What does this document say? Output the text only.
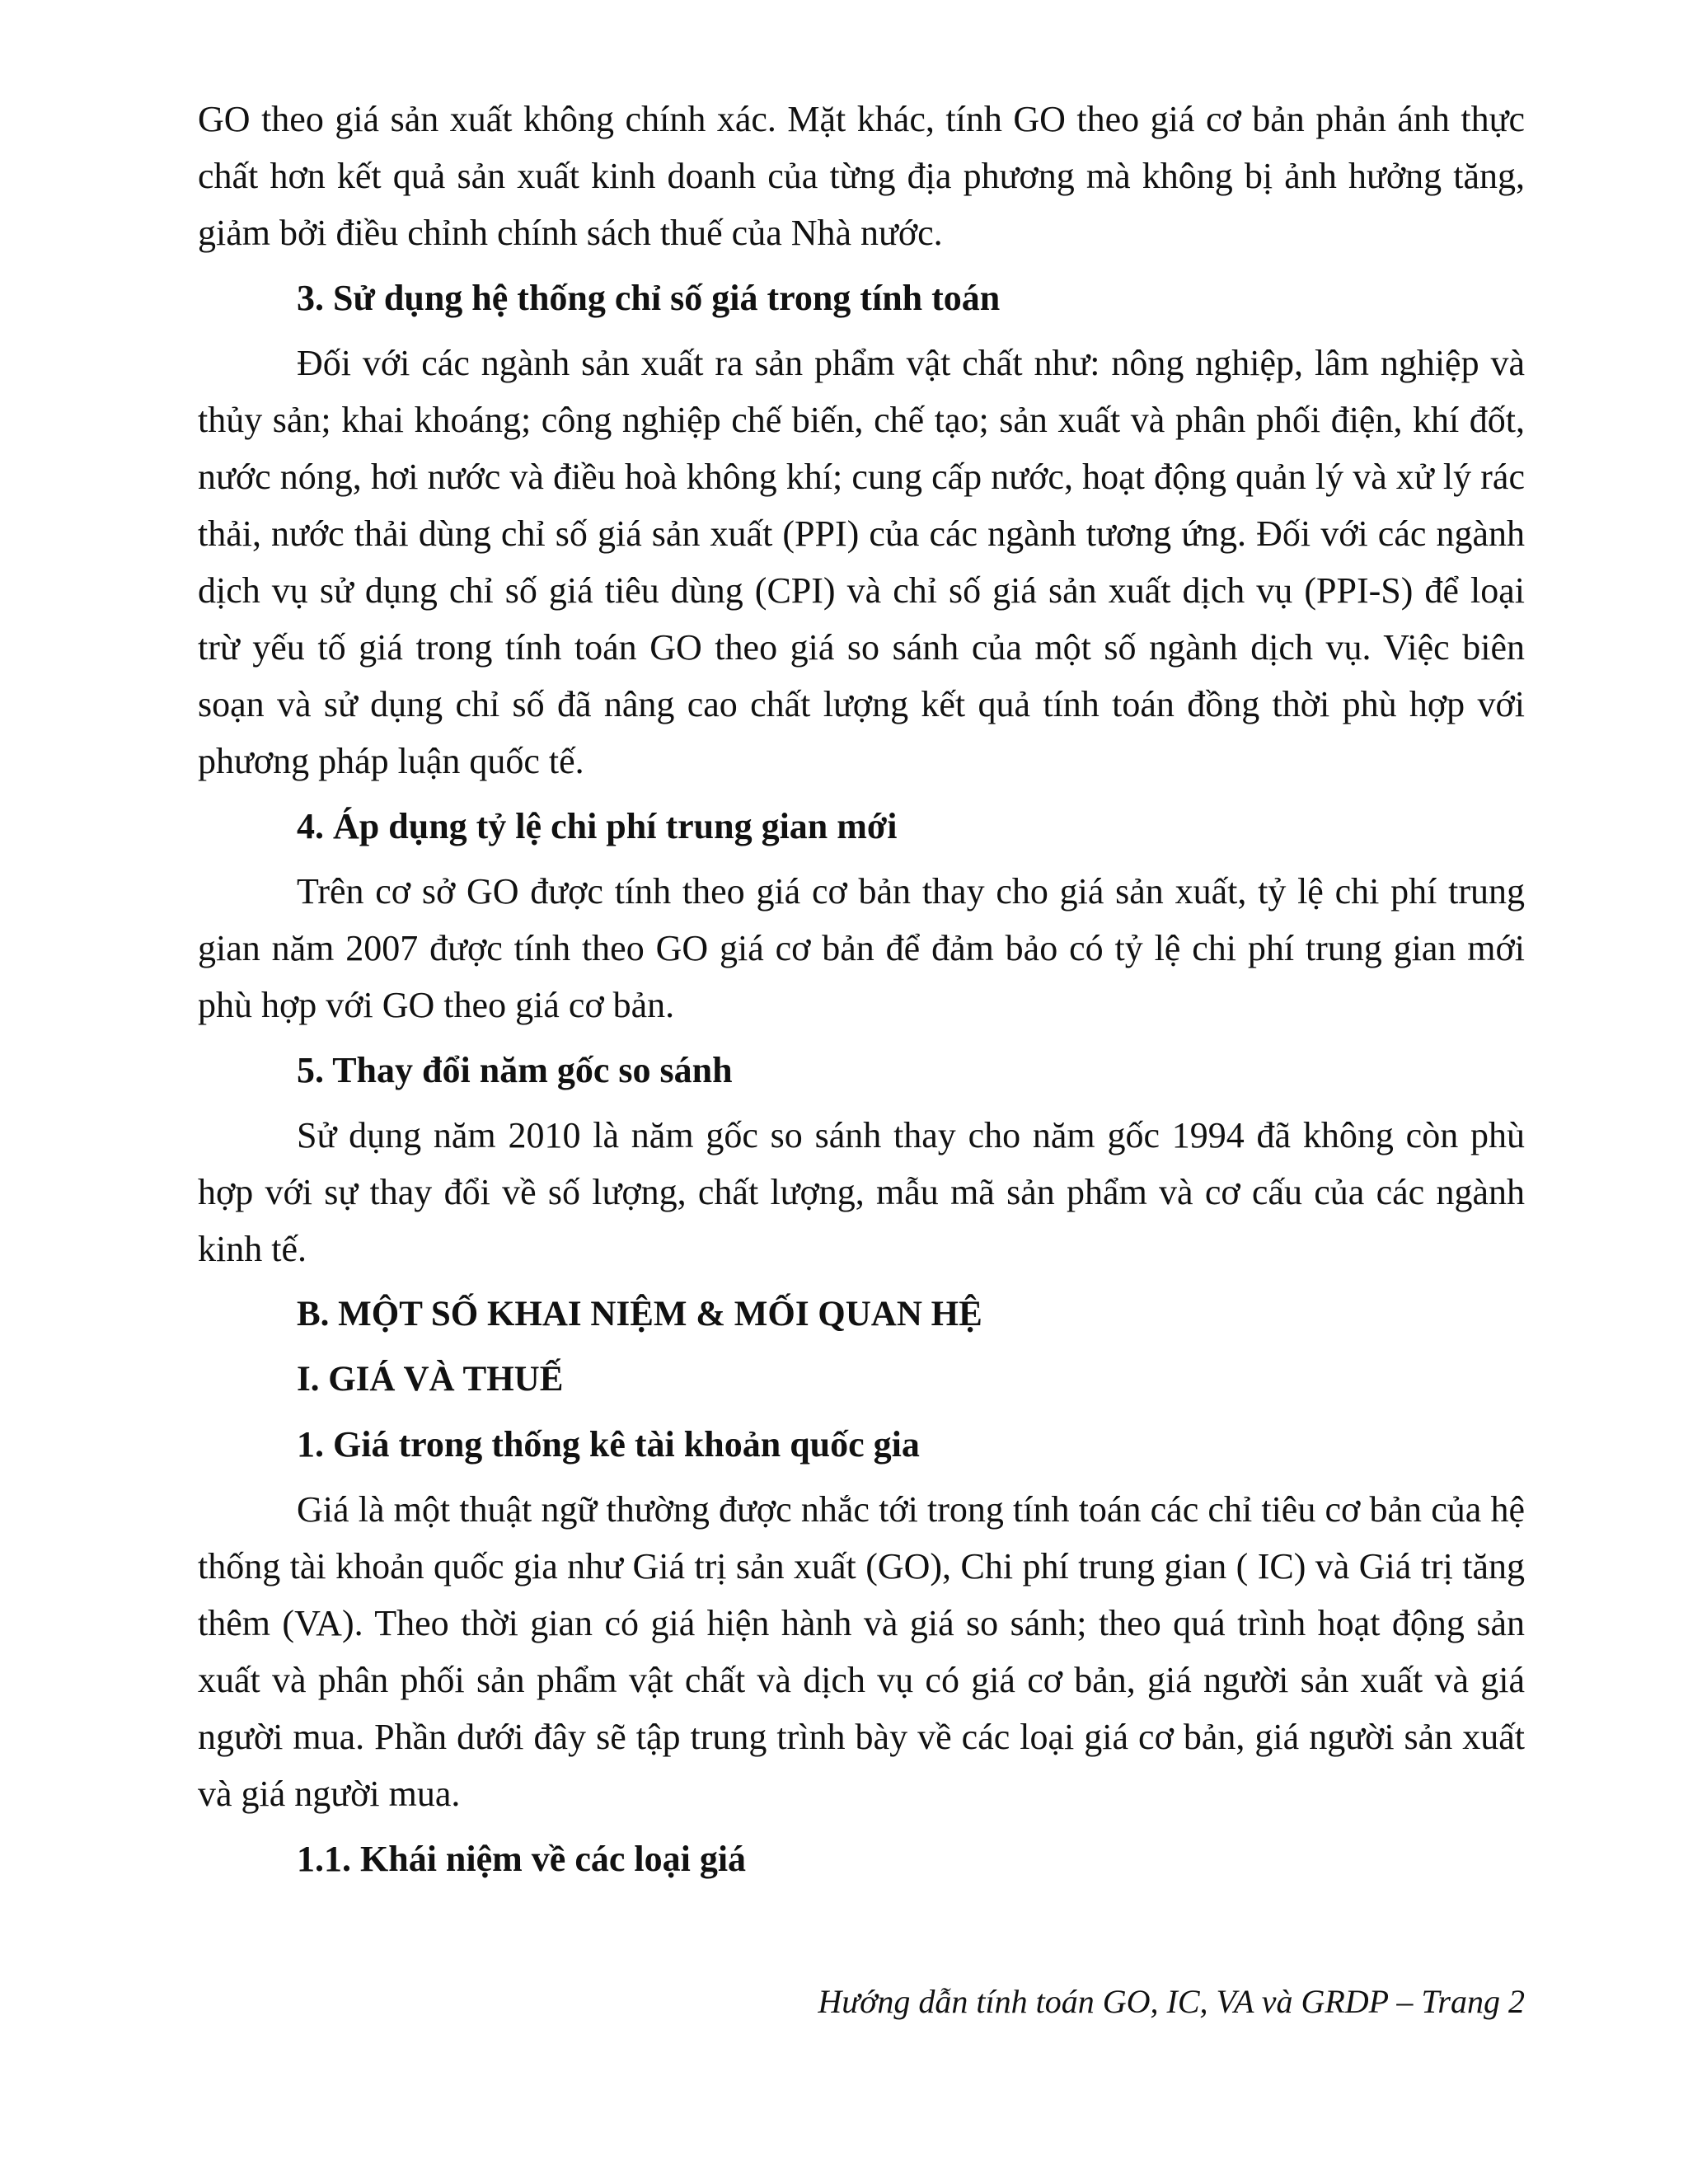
GO theo giá sản xuất không chính xác. Mặt khác, tính GO theo giá cơ bản phản ánh thực chất hơn kết quả sản xuất kinh doanh của từng địa phương mà không bị ảnh hưởng tăng, giảm bởi điều chỉnh chính sách thuế của Nhà nước.

3. Sử dụng hệ thống chỉ số giá trong tính toán

Đối với các ngành sản xuất ra sản phẩm vật chất như: nông nghiệp, lâm nghiệp và thủy sản; khai khoáng; công nghiệp chế biến, chế tạo; sản xuất và phân phối điện, khí đốt, nước nóng, hơi nước và điều hoà không khí; cung cấp nước, hoạt động quản lý và xử lý rác thải, nước thải dùng chỉ số giá sản xuất (PPI) của các ngành tương ứng. Đối với các ngành dịch vụ sử dụng chỉ số giá tiêu dùng (CPI) và chỉ số giá sản xuất dịch vụ (PPI-S) để loại trừ yếu tố giá trong tính toán GO theo giá so sánh của một số ngành dịch vụ. Việc biên soạn và sử dụng chỉ số đã nâng cao chất lượng kết quả tính toán đồng thời phù hợp với phương pháp luận quốc tế.

4. Áp dụng tỷ lệ chi phí trung gian mới

Trên cơ sở GO được tính theo giá cơ bản thay cho giá sản xuất, tỷ lệ chi phí trung gian năm 2007 được tính theo GO giá cơ bản để đảm bảo có tỷ lệ chi phí trung gian mới phù hợp với GO theo giá cơ bản.

5. Thay đổi năm gốc so sánh

Sử dụng năm 2010 là năm gốc so sánh thay cho năm gốc 1994 đã không còn phù hợp với sự thay đổi về số lượng, chất lượng, mẫu mã sản phẩm và cơ cấu của các ngành kinh tế.

B. MỘT SỐ KHAI NIỆM & MỐI QUAN HỆ
I. GIÁ VÀ THUẾ
1. Giá trong thống kê tài khoản quốc gia

Giá là một thuật ngữ thường được nhắc tới trong tính toán các chỉ tiêu cơ bản của hệ thống tài khoản quốc gia như Giá trị sản xuất (GO), Chi phí trung gian ( IC) và Giá trị tăng thêm (VA). Theo thời gian có giá hiện hành và giá so sánh; theo quá trình hoạt động sản xuất và phân phối sản phẩm vật chất và dịch vụ có giá cơ bản, giá người sản xuất và giá người mua. Phần dưới đây sẽ tập trung trình bày về các loại giá cơ bản, giá người sản xuất và giá người mua.

1.1. Khái niệm về các loại giá
Hướng dẫn tính toán GO, IC, VA và GRDP – Trang 2
